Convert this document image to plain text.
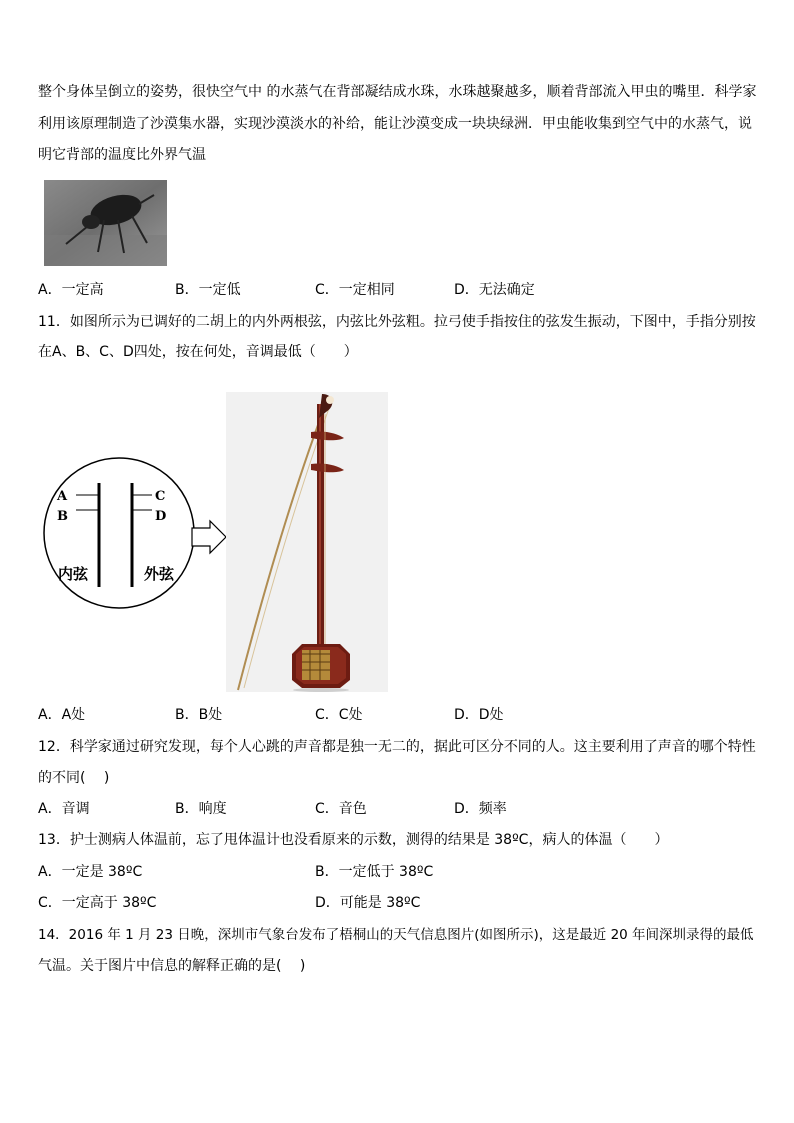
整个身体呈倒立的姿势，很快空气中 的水蒸气在背部凝结成水珠，水珠越聚越多，顺着背部流入甲虫的嘴里．科学家
利用该原理制造了沙漠集水器，实现沙漠淡水的补给，能让沙漠变成一块块绿洲．甲虫能收集到空气中的水蒸气，说
明它背部的温度比外界气温
A．一定高	B．一定低	C．一定相同	D．无法确定
11．如图所示为已调好的二胡上的内外两根弦，内弦比外弦粗。拉弓使手指按住的弦发生振动，下图中，手指分别按
在A、B、C、D四处，按在何处，音调最低（　　）
A
B
C
D
内弦	外弦
A．A处	B．B处	C．C处	D．D处
12．科学家通过研究发现，每个人心跳的声音都是独一无二的，据此可区分不同的人。这主要利用了声音的哪个特性
的不同(　 )
A．音调	B．响度	C．音色	D．频率
13．护士测病人体温前，忘了甩体温计也没看原来的示数，测得的结果是 38ºC，病人的体温（　　）
A．一定是 38ºC	B．一定低于 38ºC
C．一定高于 38ºC	D．可能是 38ºC
14．2016 年 1 月 23 日晚，深圳市气象台发布了梧桐山的天气信息图片(如图所示)，这是最近 20 年间深圳录得的最低
气温。关于图片中信息的解释正确的是(　 )
